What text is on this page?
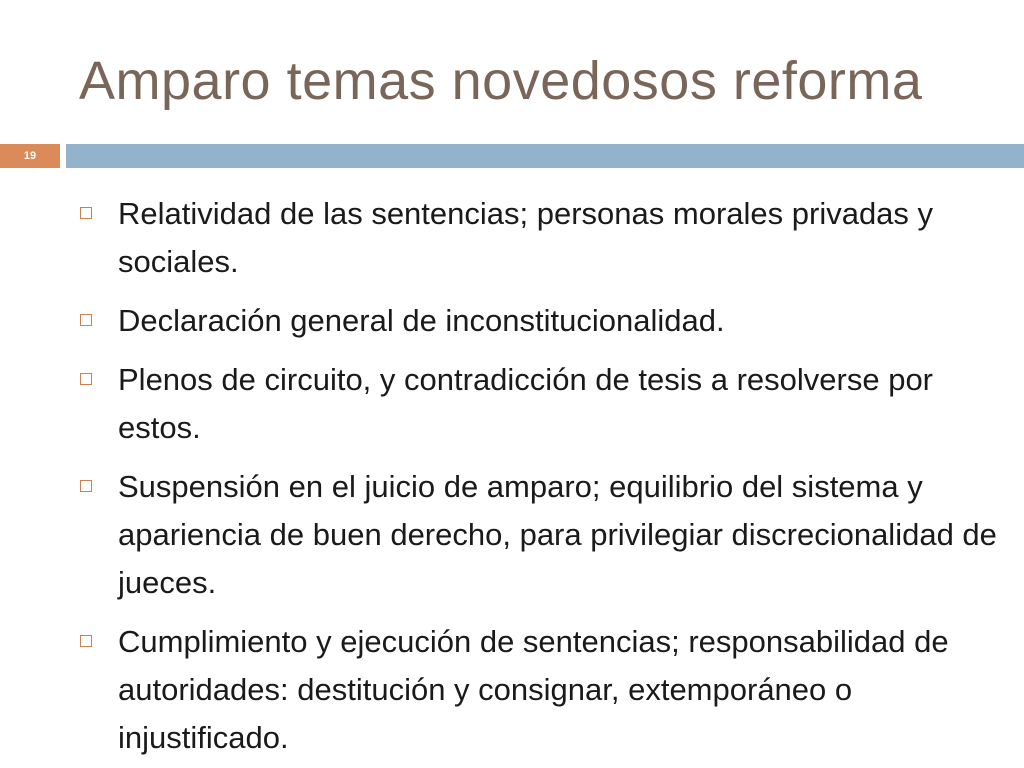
Amparo temas novedosos reforma
19
Relatividad de las sentencias; personas morales privadas y sociales.
Declaración general de inconstitucionalidad.
Plenos de circuito, y contradicción de tesis a resolverse por estos.
Suspensión en el juicio de amparo; equilibrio del sistema y apariencia de buen derecho, para privilegiar discrecionalidad de jueces.
Cumplimiento y ejecución de sentencias; responsabilidad de autoridades: destitución y consignar, extemporáneo o injustificado.
